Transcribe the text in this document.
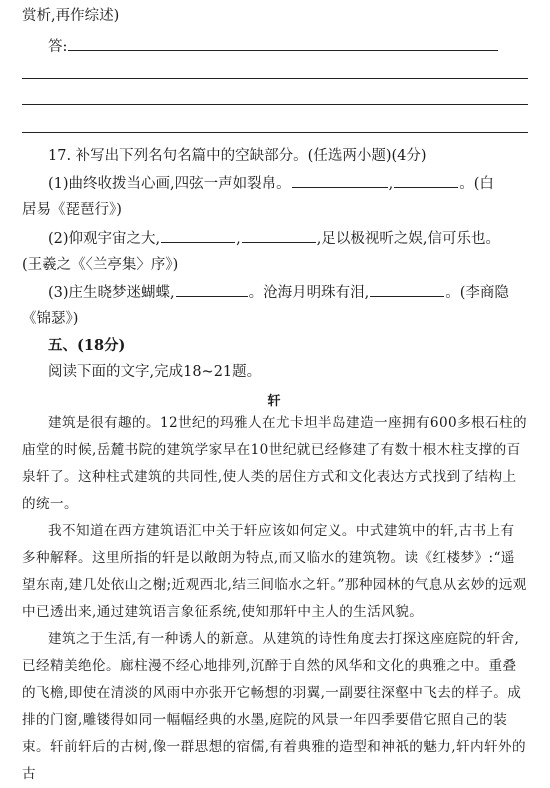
赏析,再作综述)

答:

17. 补写出下列名句名篇中的空缺部分。(任选两小题)(4分)

(1)曲终收拨当心画,四弦一声如裂帛。	,	。(白

居易《琵琶行》)

(2)仰观宇宙之大,	,	,足以极视听之娱,信可乐也。

(王羲之《〈兰亭集〉序》)

(3)庄生晓梦迷蝴蝶,	。沧海月明珠有泪,	。(李商隐

《锦瑟》)

五、(18分)

阅读下面的文字,完成18~21题。

轩

建筑是很有趣的。12世纪的玛雅人在尤卡坦半岛建造一座拥有600多根石柱的庙堂的时候,岳麓书院的建筑学家早在10世纪就已经修建了有数十根木柱支撑的百泉轩了。这种柱式建筑的共同性,使人类的居住方式和文化表达方式找到了结构上的统一。

我不知道在西方建筑语汇中关于轩应该如何定义。中式建筑中的轩,古书上有多种解释。这里所指的轩是以敞朗为特点,而又临水的建筑物。读《红楼梦》:“遥望东南,建几处依山之榭;近观西北,结三间临水之轩。”那种园林的气息从玄妙的远观中已透出来,通过建筑语言象征系统,使知那轩中主人的生活风貌。

建筑之于生活,有一种诱人的新意。从建筑的诗性角度去打探这座庭院的轩舍,已经精美绝伦。廊柱漫不经心地排列,沉醉于自然的风华和文化的典雅之中。重叠的飞檐,即使在清淡的风雨中亦张开它畅想的羽翼,一副要往深壑中飞去的样子。成排的门窗,雕镂得如同一幅幅经典的水墨,庭院的风景一年四季要借它照自己的装束。轩前轩后的古树,像一群思想的宿儒,有着典雅的造型和神祇的魅力,轩内轩外的古
